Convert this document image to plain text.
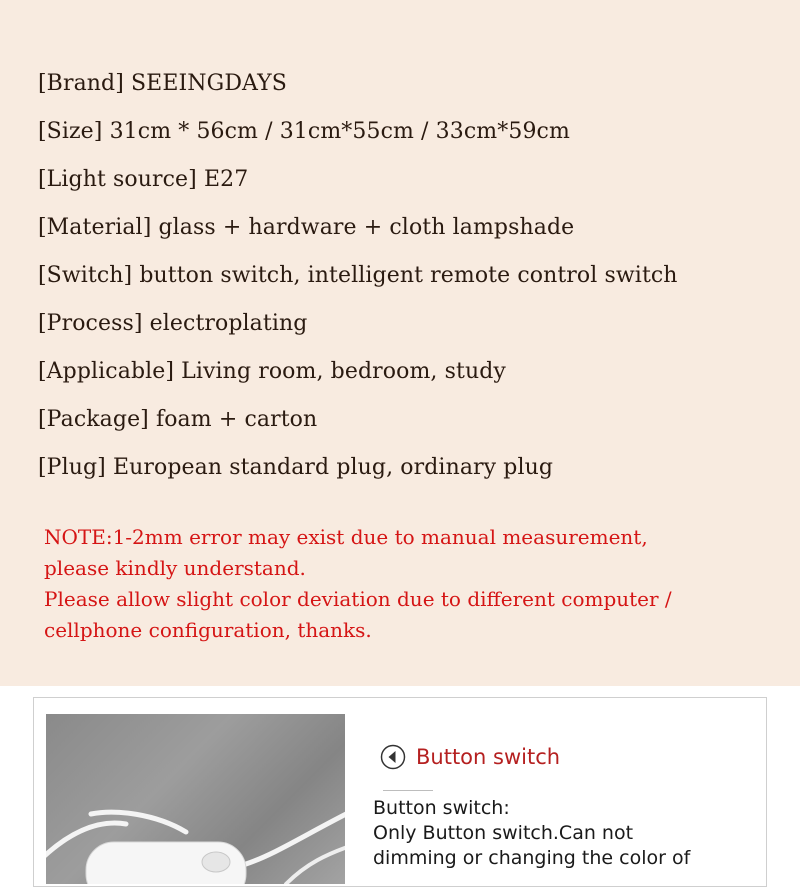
[Brand] SEEINGDAYS
[Size] 31cm * 56cm / 31cm*55cm / 33cm*59cm
[Light source] E27
[Material] glass + hardware + cloth lampshade
[Switch] button switch, intelligent remote control switch
[Process] electroplating
[Applicable] Living room, bedroom, study
[Package] foam + carton
[Plug] European standard plug, ordinary plug
NOTE:1-2mm error may exist due to manual measurement,
please kindly understand.
Please allow slight color deviation due to different computer /
cellphone configuration, thanks.
Button switch
Button switch:
Only Button switch.Can not
dimming or changing the color of
